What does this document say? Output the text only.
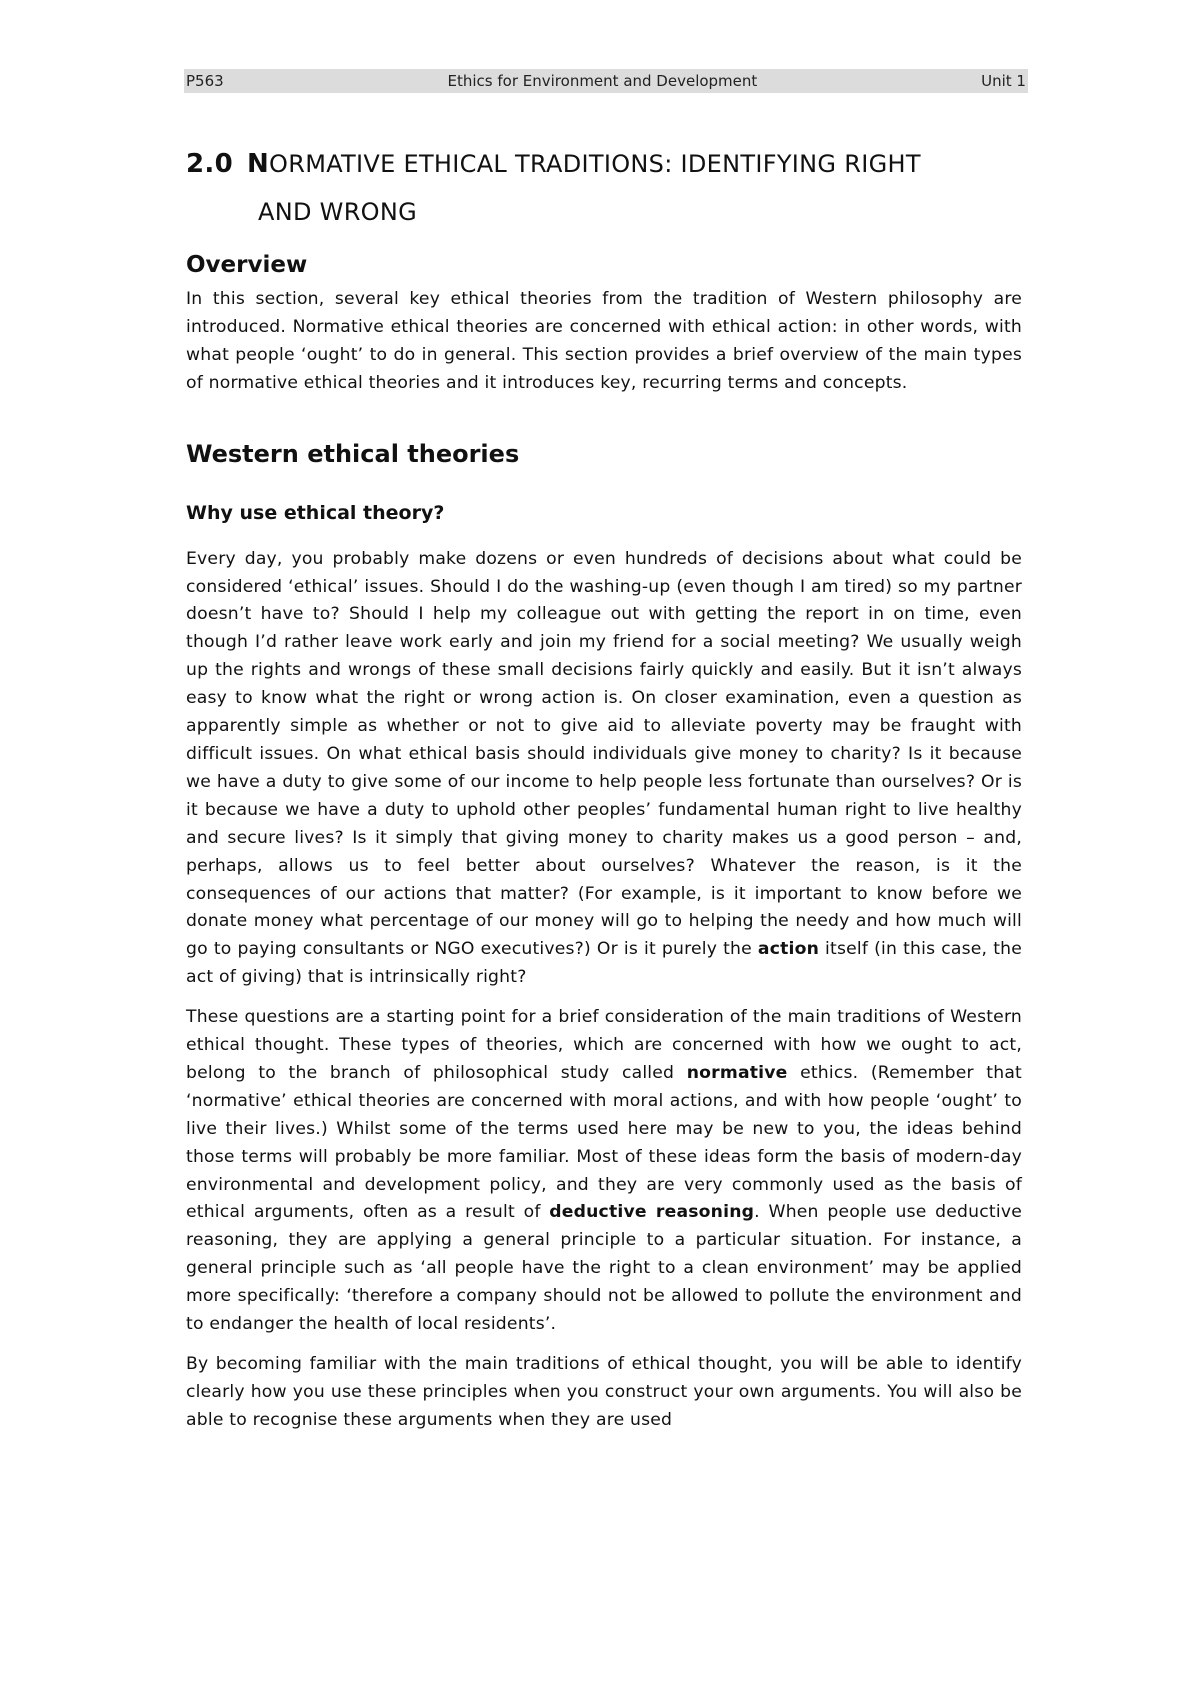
P563	Ethics for Environment and Development	Unit 1
2.0 NORMATIVE ETHICAL TRADITIONS: IDENTIFYING RIGHT
AND WRONG
Overview

In this section, several key ethical theories from the tradition of Western philosophy are introduced. Normative ethical theories are concerned with ethical action: in other words, with what people ‘ought’ to do in general. This section provides a brief overview of the main types of normative ethical theories and it introduces key, recurring terms and concepts.

Western ethical theories
Why use ethical theory?

Every day, you probably make dozens or even hundreds of decisions about what could be considered ‘ethical’ issues. Should I do the washing-up (even though I am tired) so my partner doesn’t have to? Should I help my colleague out with getting the report in on time, even though I’d rather leave work early and join my friend for a social meeting? We usually weigh up the rights and wrongs of these small decisions fairly quickly and easily. But it isn’t always easy to know what the right or wrong action is. On closer examination, even a question as apparently simple as whether or not to give aid to alleviate poverty may be fraught with difficult issues. On what ethical basis should individuals give money to charity? Is it because we have a duty to give some of our income to help people less fortunate than ourselves? Or is it because we have a duty to uphold other peoples’ fundamental human right to live healthy and secure lives? Is it simply that giving money to charity makes us a good person – and, perhaps, allows us to feel better about ourselves? Whatever the reason, is it the consequences of our actions that matter? (For example, is it important to know before we donate money what percentage of our money will go to helping the needy and how much will go to paying consultants or NGO executives?) Or is it purely the action itself (in this case, the act of giving) that is intrinsically right?

These questions are a starting point for a brief consideration of the main traditions of Western ethical thought. These types of theories, which are concerned with how we ought to act, belong to the branch of philosophical study called normative ethics. (Remember that ‘normative’ ethical theories are concerned with moral actions, and with how people ‘ought’ to live their lives.) Whilst some of the terms used here may be new to you, the ideas behind those terms will probably be more familiar. Most of these ideas form the basis of modern-day environmental and development policy, and they are very commonly used as the basis of ethical arguments, often as a result of deductive reasoning. When people use deductive reasoning, they are applying a general principle to a particular situation. For instance, a general principle such as ‘all people have the right to a clean environment’ may be applied more specifically: ‘therefore a company should not be allowed to pollute the environment and to endanger the health of local residents’.

By becoming familiar with the main traditions of ethical thought, you will be able to identify clearly how you use these principles when you construct your own arguments. You will also be able to recognise these arguments when they are used
